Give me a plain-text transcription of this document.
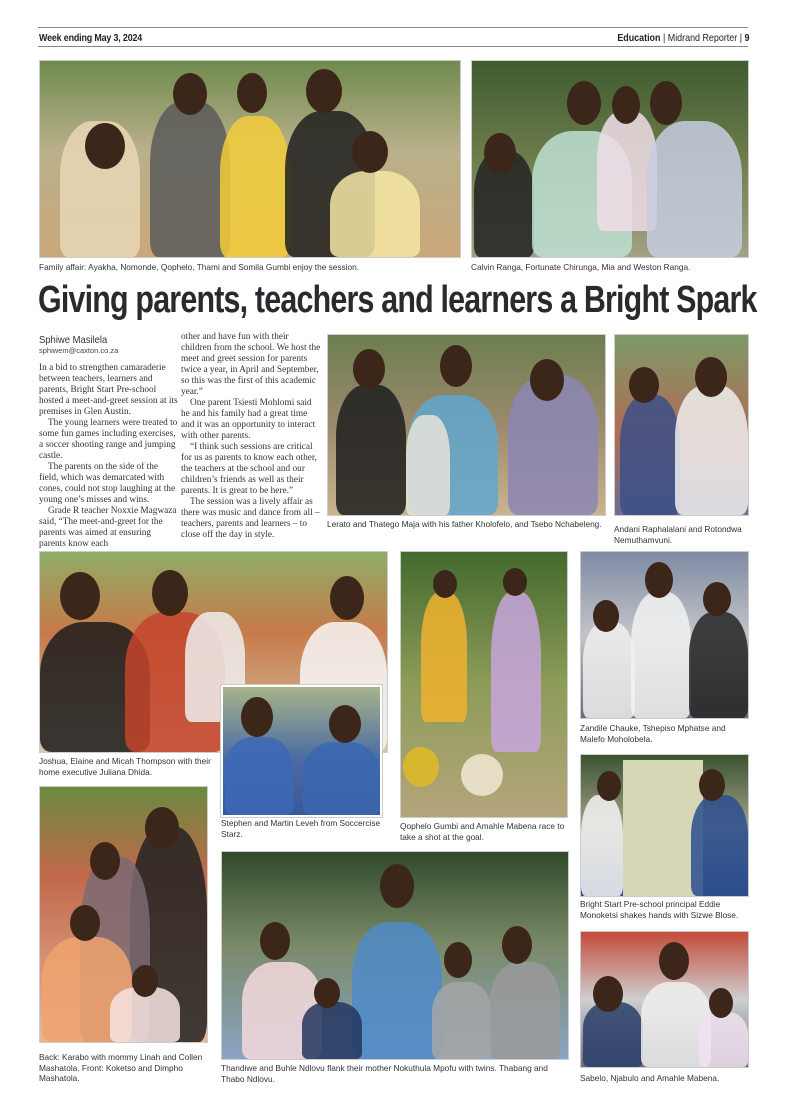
Week ending May 3, 2024	Education | Midrand Reporter | 9
Family affair: Ayakha, Nomonde, Qophelo, Thami and Somila Gumbi enjoy the session.	Calvin Ranga, Fortunate Chirunga, Mia and Weston Ranga.
Giving parents, teachers and learners a Bright Spark
Sphiwe Masilela
sphiwem@caxton.co.za

In a bid to strengthen camaraderie between teachers, learners and parents, Bright Start Pre-school hosted a meet-and-greet session at its premises in Glen Austin.

The young learners were treated to some fun games including exercises, a soccer shooting range and jumping castle.

The parents on the side of the field, which was demarcated with cones, could not stop laughing at the young one’s misses and wins.

Grade R teacher Noxxie Magwaza said, “The meet-and-greet for the parents was aimed at ensuring parents know each

other and have fun with their children from the school. We host the meet and greet session for parents twice a year, in April and September, so this was the first of this academic year.”

One parent Tsiesti Mohlomi said he and his family had a great time and it was an opportunity to interact with other parents.

“I think such sessions are critical for us as parents to know each other, the teachers at the school and our children’s friends as well as their parents. It is great to be here.”

The session was a lively affair as there was music and dance from all – teachers, parents and learners – to close off the day in style.

Lerato and Thatego Maja with his father Kholofelo, and Tsebo Nchabeleng. Andani Raphalalani and Rotondwa Nemuthamvuni.
Joshua, Elaine and Micah Thompson with their home executive Juliana Dhida.
Stephen and Martin Leveh from Soccercise Starz.
Qophelo Gumbi and Amahle Mabena race to take a shot at the goal.
Zandile Chauke, Tshepiso Mphatse and Malefo Moholobela.
Bright Start Pre-school principal Eddie Monoketsi shakes hands with Sizwe Blose.
Back: Karabo with mommy Linah and Collen Mashatola. Front: Koketso and Dimpho Mashatola.
Thandiwe and Buhle Ndlovu flank their mother Nokuthula Mpofu with twins. Thabang and Thabo Ndlovu.	Sabelo, Njabulo and Amahle Mabena.
